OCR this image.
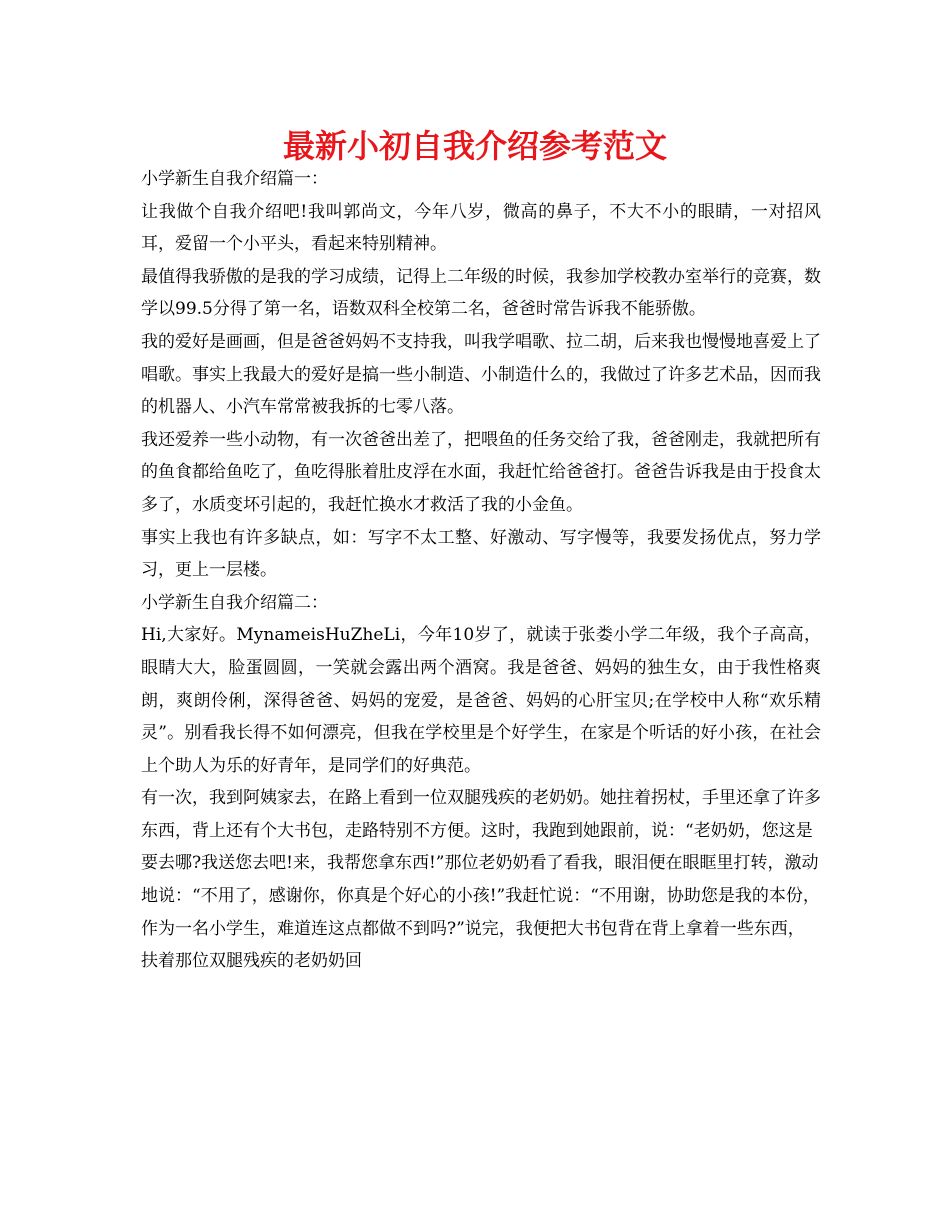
最新小初自我介绍参考范文

小学新生自我介绍篇一：

让我做个自我介绍吧!我叫郭尚文，今年八岁，微高的鼻子，不大不小的眼睛，一对招风耳，爱留一个小平头，看起来特别精神。

最值得我骄傲的是我的学习成绩，记得上二年级的时候，我参加学校教办室举行的竞赛，数学以99.5分得了第一名，语数双科全校第二名，爸爸时常告诉我不能骄傲。

我的爱好是画画，但是爸爸妈妈不支持我，叫我学唱歌、拉二胡，后来我也慢慢地喜爱上了唱歌。事实上我最大的爱好是搞一些小制造、小制造什么的，我做过了许多艺术品，因而我的机器人、小汽车常常被我拆的七零八落。

我还爱养一些小动物，有一次爸爸出差了，把喂鱼的任务交给了我，爸爸刚走，我就把所有的鱼食都给鱼吃了，鱼吃得胀着肚皮浮在水面，我赶忙给爸爸打。爸爸告诉我是由于投食太多了，水质变坏引起的，我赶忙换水才救活了我的小金鱼。

事实上我也有许多缺点，如：写字不太工整、好激动、写字慢等，我要发扬优点，努力学习，更上一层楼。

小学新生自我介绍篇二：

Hi,大家好。MynameisHuZheLi，今年10岁了，就读于张娄小学二年级，我个子高高，眼睛大大，脸蛋圆圆，一笑就会露出两个酒窝。我是爸爸、妈妈的独生女，由于我性格爽朗，爽朗伶俐，深得爸爸、妈妈的宠爱，是爸爸、妈妈的心肝宝贝;在学校中人称“欢乐精灵”。别看我长得不如何漂亮，但我在学校里是个好学生，在家是个听话的好小孩，在社会上个助人为乐的好青年，是同学们的好典范。

有一次，我到阿姨家去，在路上看到一位双腿残疾的老奶奶。她拄着拐杖，手里还拿了许多东西，背上还有个大书包，走路特别不方便。这时，我跑到她跟前，说：“老奶奶，您这是要去哪?我送您去吧!来，我帮您拿东西!”那位老奶奶看了看我，眼泪便在眼眶里打转，激动地说：“不用了，感谢你，你真是个好心的小孩!”我赶忙说：“不用谢，协助您是我的本份，作为一名小学生，难道连这点都做不到吗?”说完，我便把大书包背在背上拿着一些东西，扶着那位双腿残疾的老奶奶回
